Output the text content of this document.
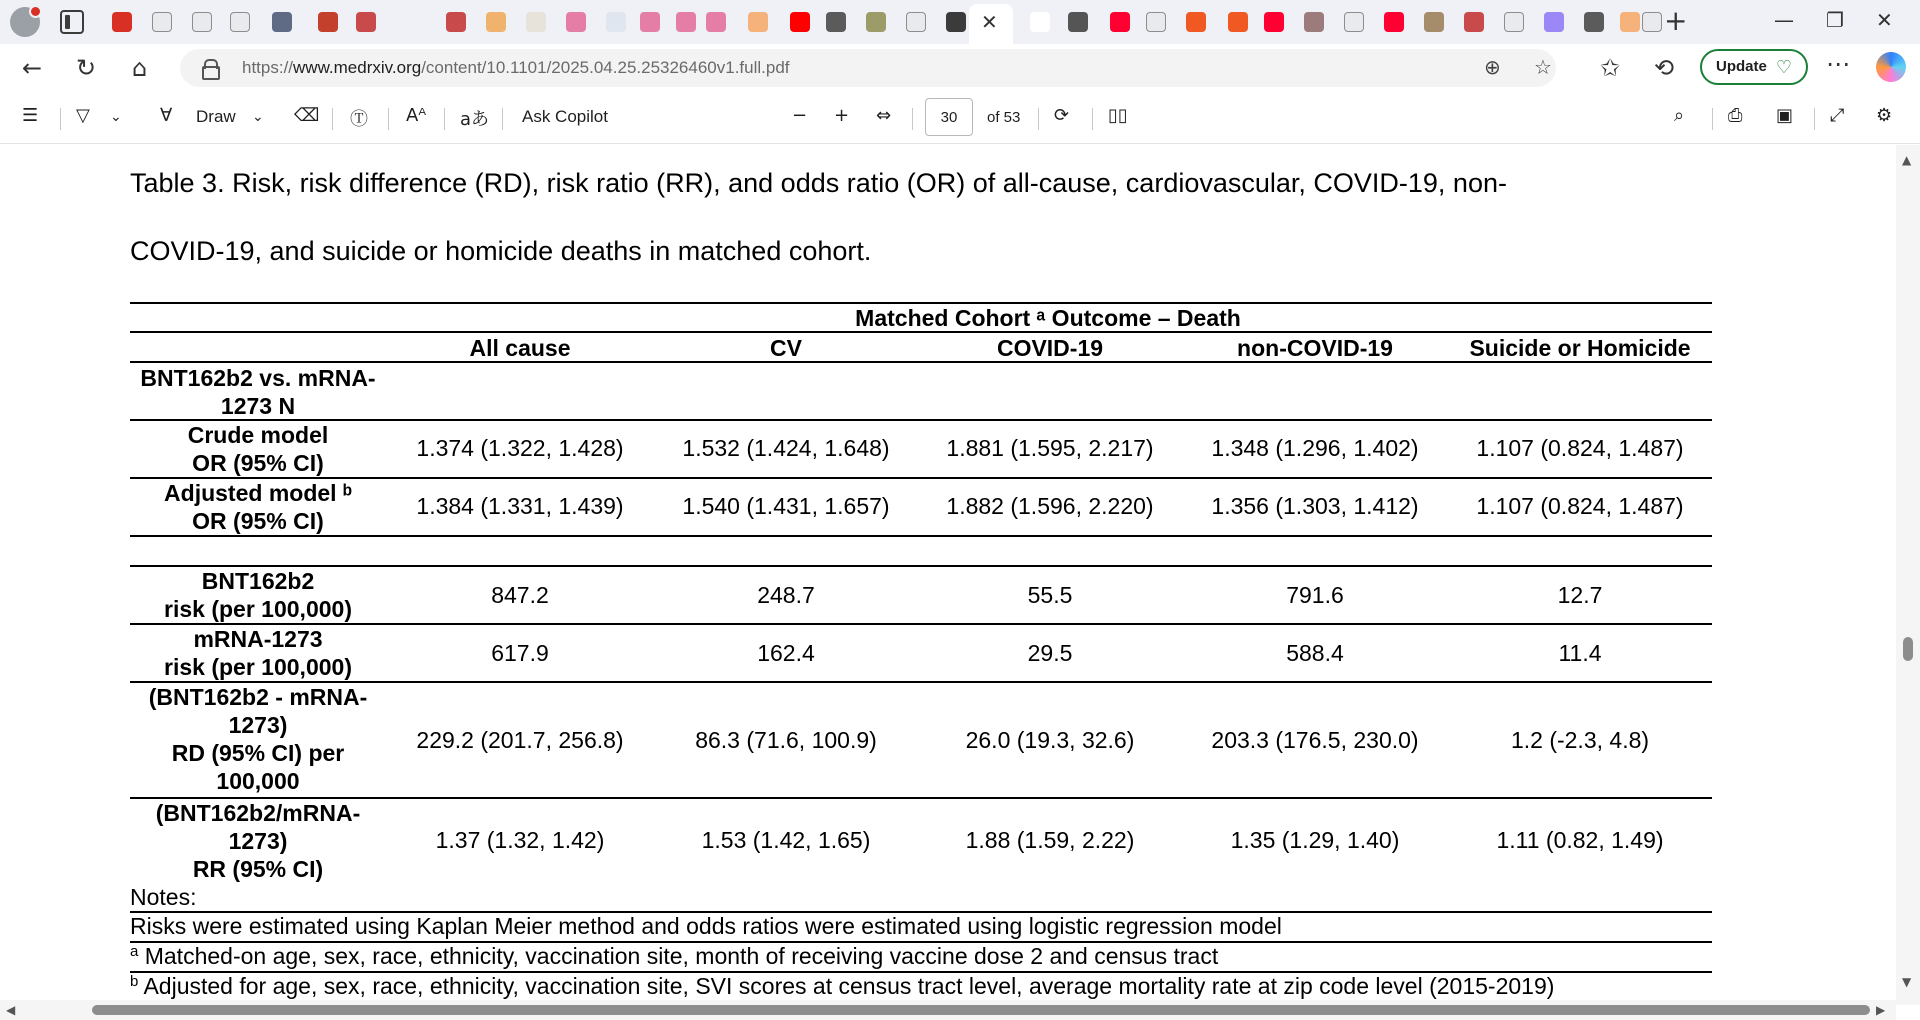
✕	+	— ❐ ✕
← ↻ ⌂	https://www.medrxiv.org/content/10.1101/2025.04.25.25326460v1.full.pdf	⊕ ☆ ✩ ⟲	Update ♡ ⋯
☰ ▽ ⌄ ∀ Draw ⌄ ⌫ Ⓣ Aᴬ aあ Ask Copilot	− + ⇔	30	of 53 ⟳ ▯▯	⌕ ⎙ ▣ ⤢ ⚙
Table 3. Risk, risk difference (RD), risk ratio (RR), and odds ratio (OR) of all-cause, cardiovascular, COVID-19, non-
COVID-19, and suicide or homicide deaths in matched cohort.
Matched Cohort ᵃ Outcome – Death
All cause	CV	COVID-19	non-COVID-19	Suicide or Homicide
BNT162b2 vs. mRNA-
1273 N
Crude model
OR (95% CI)
1.374 (1.322, 1.428)	1.532 (1.424, 1.648) 1.881 (1.595, 2.217)	1.348 (1.296, 1.402)	1.107 (0.824, 1.487)
Adjusted model ᵇ
OR (95% CI)
1.384 (1.331, 1.439)	1.540 (1.431, 1.657) 1.882 (1.596, 2.220)	1.356 (1.303, 1.412)	1.107 (0.824, 1.487)
BNT162b2
risk (per 100,000)
847.2	248.7	55.5	791.6	12.7
mRNA-1273
risk (per 100,000)
617.9	162.4	29.5	588.4	11.4
(BNT162b2 - mRNA-
1273)
RD (95% CI) per
100,000
229.2 (201.7, 256.8)	86.3 (71.6, 100.9)	26.0 (19.3, 32.6)	203.3 (176.5, 230.0)	1.2 (-2.3, 4.8)
(BNT162b2/mRNA-
1273)
RR (95% CI)
1.37 (1.32, 1.42)	1.53 (1.42, 1.65)	1.88 (1.59, 2.22)	1.35 (1.29, 1.40)	1.11 (0.82, 1.49)
Notes:
Risks were estimated using Kaplan Meier method and odds ratios were estimated using logistic regression model
$^a$ Matched-on age, sex, race, ethnicity, vaccination site, month of receiving vaccine dose 2 and census tract
$^b$ Adjusted for age, sex, race, ethnicity, vaccination site, SVI scores at census tract level, average mortality rate at zip code level (2015-2019)
▲
▼
◀	▶
